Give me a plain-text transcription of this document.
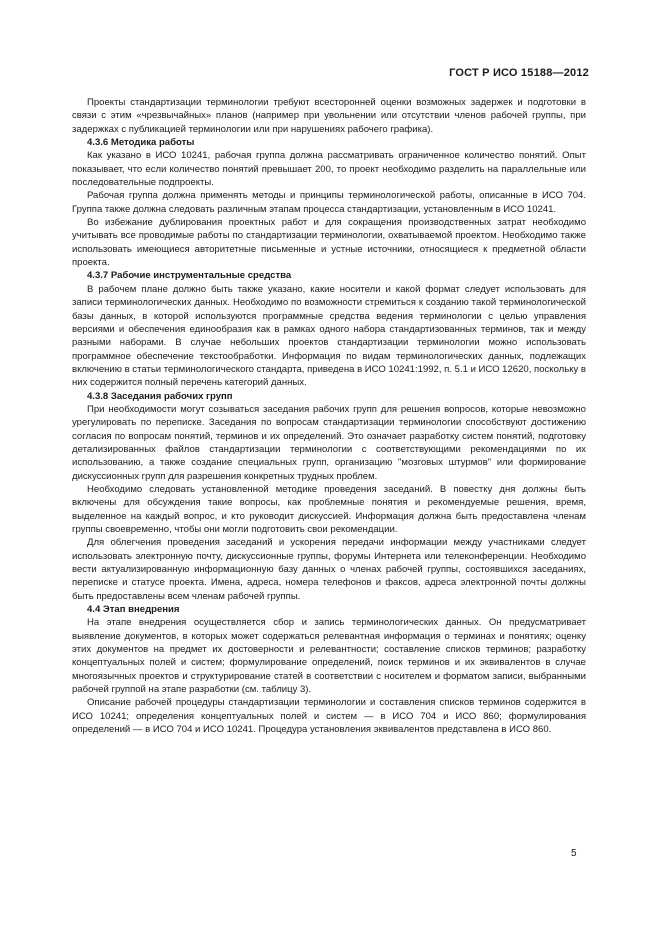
ГОСТ Р ИСО 15188—2012

Проекты стандартизации терминологии требуют всесторонней оценки возможных задержек и подготовки в связи с этим «чрезвычайных» планов (например при увольнении или отсутствии членов рабочей группы, при задержках с публикацией терминологии или при нарушениях рабочего графика).

4.3.6 Методика работы

Как указано в ИСО 10241, рабочая группа должна рассматривать ограниченное количество понятий. Опыт показывает, что если количество понятий превышает 200, то проект необходимо разделить на параллельные или последовательные подпроекты.

Рабочая группа должна применять методы и принципы терминологической работы, описанные в ИСО 704. Группа также должна следовать различным этапам процесса стандартизации, установленным в ИСО 10241.

Во избежание дублирования проектных работ и для сокращения производственных затрат необходимо учитывать все проводимые работы по стандартизации терминологии, охватываемой проектом. Необходимо также использовать имеющиеся авторитетные письменные и устные источники, относящиеся к предметной области проекта.

4.3.7 Рабочие инструментальные средства

В рабочем плане должно быть также указано, какие носители и какой формат следует использовать для записи терминологических данных. Необходимо по возможности стремиться к созданию такой терминологической базы данных, в которой используются программные средства ведения терминологии с целью управления версиями и обеспечения единообразия как в рамках одного набора стандартизованных терминов, так и между разными наборами. В случае небольших проектов стандартизации терминологии можно использовать программное обеспечение текстообработки. Информация по видам терминологических данных, подлежащих включению в статьи терминологического стандарта, приведена в ИСО 10241:1992, п. 5.1 и ИСО 12620, поскольку в них содержится полный перечень категорий данных.

4.3.8 Заседания рабочих групп

При необходимости могут созываться заседания рабочих групп для решения вопросов, которые невозможно урегулировать по переписке. Заседания по вопросам стандартизации терминологии способствуют достижению согласия по вопросам понятий, терминов и их определений. Это означает разработку систем понятий, подготовку детализированных файлов стандартизации терминологии с соответствующими рекомендациями по их использованию, а также создание специальных групп, организацию "мозговых штурмов" или формирование дискуссионных групп для разрешения конкретных трудных проблем.

Необходимо следовать установленной методике проведения заседаний. В повестку дня должны быть включены для обсуждения такие вопросы, как проблемные понятия и рекомендуемые решения, время, выделенное на каждый вопрос, и кто руководит дискуссией. Информация должна быть предоставлена членам группы своевременно, чтобы они могли подготовить свои рекомендации.

Для облегчения проведения заседаний и ускорения передачи информации между участниками следует использовать электронную почту, дискуссионные группы, форумы Интернета или телеконференции. Необходимо вести актуализированную информационную базу данных о членах рабочей группы, состоявшихся заседаниях, переписке и статусе проекта. Имена, адреса, номера телефонов и факсов, адреса электронной почты должны быть предоставлены всем членам рабочей группы.

4.4 Этап внедрения

На этапе внедрения осуществляется сбор и запись терминологических данных. Он предусматривает выявление документов, в которых может содержаться релевантная информация о терминах и понятиях; оценку этих документов на предмет их достоверности и релевантности; составление списков терминов; разработку концептуальных полей и систем; формулирование определений, поиск терминов и их эквивалентов в случае многоязычных проектов и структурирование статей в соответствии с носителем и форматом записи, выбранными рабочей группой на этапе разработки (см. таблицу 3).

Описание рабочей процедуры стандартизации терминологии и составления списков терминов содержится в ИСО 10241; определения концептуальных полей и систем — в ИСО 704 и ИСО 860; формулирования определений — в ИСО 704 и ИСО 10241. Процедура установления эквивалентов представлена в ИСО 860.

5
